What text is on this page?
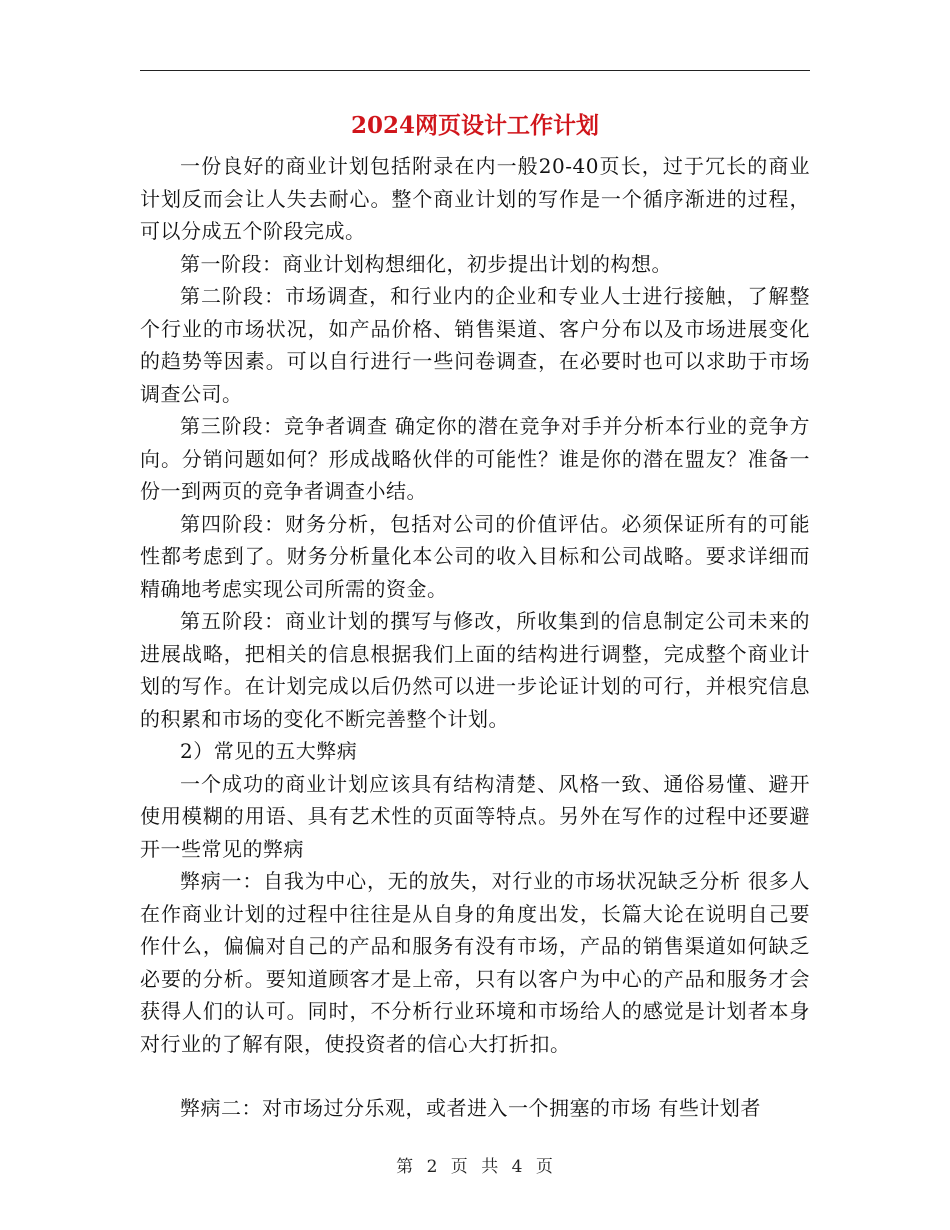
2024网页设计工作计划

一份良好的商业计划包括附录在内一般20-40页长，过于冗长的商业计划反而会让人失去耐心。整个商业计划的写作是一个循序渐进的过程，可以分成五个阶段完成。

第一阶段：商业计划构想细化，初步提出计划的构想。

第二阶段：市场调查，和行业内的企业和专业人士进行接触，了解整个行业的市场状况，如产品价格、销售渠道、客户分布以及市场进展变化的趋势等因素。可以自行进行一些问卷调查，在必要时也可以求助于市场调查公司。

第三阶段：竞争者调查 确定你的潜在竞争对手并分析本行业的竞争方向。分销问题如何？形成战略伙伴的可能性？谁是你的潜在盟友？准备一份一到两页的竞争者调查小结。

第四阶段：财务分析，包括对公司的价值评估。必须保证所有的可能性都考虑到了。财务分析量化本公司的收入目标和公司战略。要求详细而精确地考虑实现公司所需的资金。

第五阶段：商业计划的撰写与修改，所收集到的信息制定公司未来的进展战略，把相关的信息根据我们上面的结构进行调整，完成整个商业计划的写作。在计划完成以后仍然可以进一步论证计划的可行，并根究信息的积累和市场的变化不断完善整个计划。

2）常见的五大弊病

一个成功的商业计划应该具有结构清楚、风格一致、通俗易懂、避开使用模糊的用语、具有艺术性的页面等特点。另外在写作的过程中还要避开一些常见的弊病

弊病一：自我为中心，无的放失，对行业的市场状况缺乏分析 很多人在作商业计划的过程中往往是从自身的角度出发，长篇大论在说明自己要作什么，偏偏对自己的产品和服务有没有市场，产品的销售渠道如何缺乏必要的分析。要知道顾客才是上帝，只有以客户为中心的产品和服务才会获得人们的认可。同时，不分析行业环境和市场给人的感觉是计划者本身对行业的了解有限，使投资者的信心大打折扣。

弊病二：对市场过分乐观，或者进入一个拥塞的市场 有些计划者

第 2 页 共 4 页
